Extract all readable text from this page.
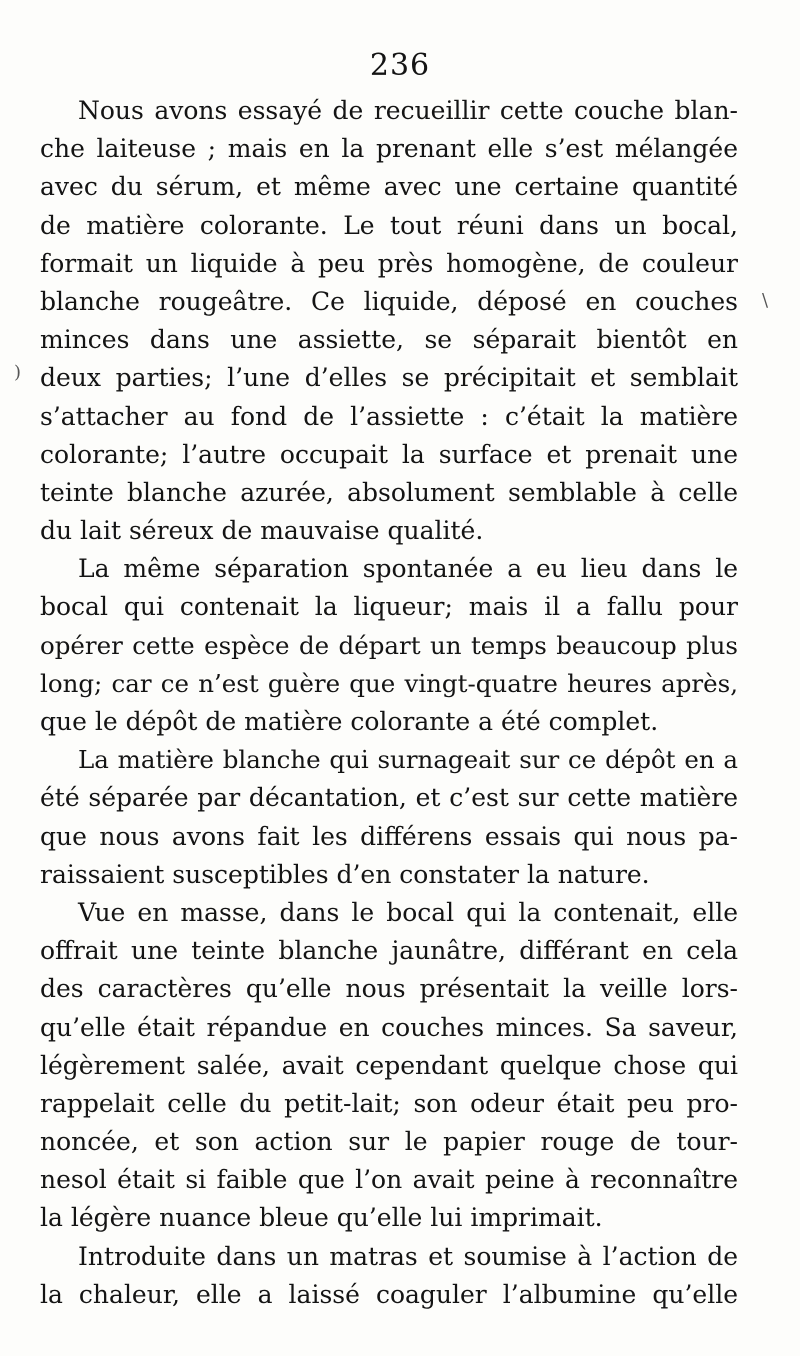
236
Nous avons essayé de recueillir cette couche blan-
che laiteuse ; mais en la prenant elle s’est mélangée
avec du sérum, et même avec une certaine quantité
de matière colorante. Le tout réuni dans un bocal,
formait un liquide à peu près homogène, de couleur
blanche rougeâtre. Ce liquide, déposé en couches
minces dans une assiette, se séparait bientôt en
deux parties; l’une d’elles se précipitait et semblait
s’attacher au fond de l’assiette : c’était la matière
colorante; l’autre occupait la surface et prenait une
teinte blanche azurée, absolument semblable à celle
du lait séreux de mauvaise qualité.
La même séparation spontanée a eu lieu dans le
bocal qui contenait la liqueur; mais il a fallu pour
opérer cette espèce de départ un temps beaucoup plus
long; car ce n’est guère que vingt-quatre heures après,
que le dépôt de matière colorante a été complet.
La matière blanche qui surnageait sur ce dépôt en a
été séparée par décantation, et c’est sur cette matière
que nous avons fait les différens essais qui nous pa-
raissaient susceptibles d’en constater la nature.
Vue en masse, dans le bocal qui la contenait, elle
offrait une teinte blanche jaunâtre, différant en cela
des caractères qu’elle nous présentait la veille lors-
qu’elle était répandue en couches minces. Sa saveur,
légèrement salée, avait cependant quelque chose qui
rappelait celle du petit-lait; son odeur était peu pro-
noncée, et son action sur le papier rouge de tour-
nesol était si faible que l’on avait peine à reconnaître
la légère nuance bleue qu’elle lui imprimait.
Introduite dans un matras et soumise à l’action de
la chaleur, elle a laissé coaguler l’albumine qu’elle
)
\
